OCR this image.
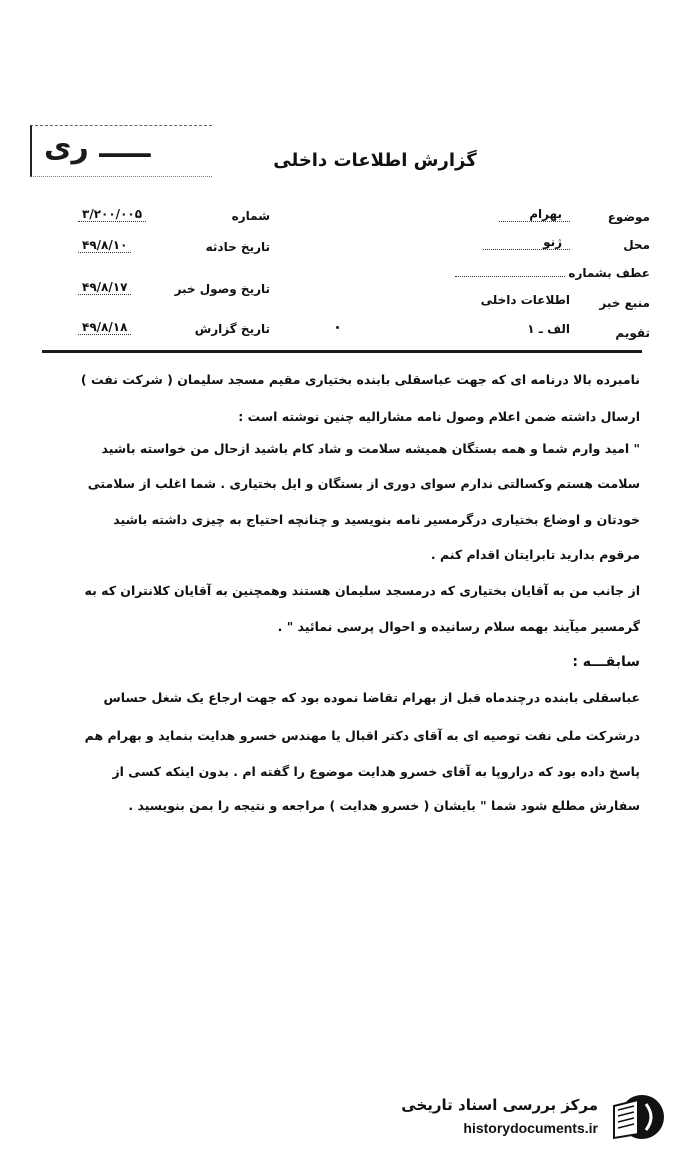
ـــــ ری	گزارش اطلاعات داخلی
موضوع
بهرام
محل
ژنو
عطف بشماره
منبع خبر
اطلاعات داخلی
تقویم
الف ـ ۱
شماره
۳/۲۰۰/۰۰۵
تاریخ حادثه
۴۹/۸/۱۰
تاریخ وصول خبر
۴۹/۸/۱۷
تاریخ گزارش
۴۹/۸/۱۸
نامبرده بالا درنامه ای که جهت عباسقلی بابنده بختیاری مقیم مسجد سلیمان ( شرکت نفت )
ارسال داشته ضمن اعلام وصول نامه مشارالیه چنین نوشته است :
" امید وارم شما و همه بستگان همیشه سلامت و شاد کام باشید ازحال من خواسته باشید
سلامت هستم وکسالتی ندارم سوای دوری از بستگان و ایل بختیاری . شما اغلب از سلامتی
خودتان و اوضاع بختیاری درگرمسیر نامه بنویسید و چنانچه احتیاج به چیزی داشته باشید
مرقوم بدارید تابرایتان اقدام کنم .
از جانب من به آقایان بختیاری که درمسجد سلیمان هستند وهمچنین به آقایان کلانتران که به
گرمسیر میآیند بهمه سلام رسانیده و احوال پرسی نمائید " .
سابقـــه :
عباسقلی بابنده درچندماه قبل از بهرام تقاضا نموده بود که جهت ارجاع یک شغل حساس
درشرکت ملی نفت توصیه ای به آقای دکتر اقبال یا مهندس خسرو هدایت بنماید و بهرام هم
پاسخ داده بود که دراروپا به آقای خسرو هدایت موضوع را گفته ام . بدون اینکه کسی از
سفارش مطلع شود شما " بایشان ( خسرو هدایت ) مراجعه و نتیجه را بمن بنویسید .
مرکز بررسی اسناد تاریخی
historydocuments.ir
